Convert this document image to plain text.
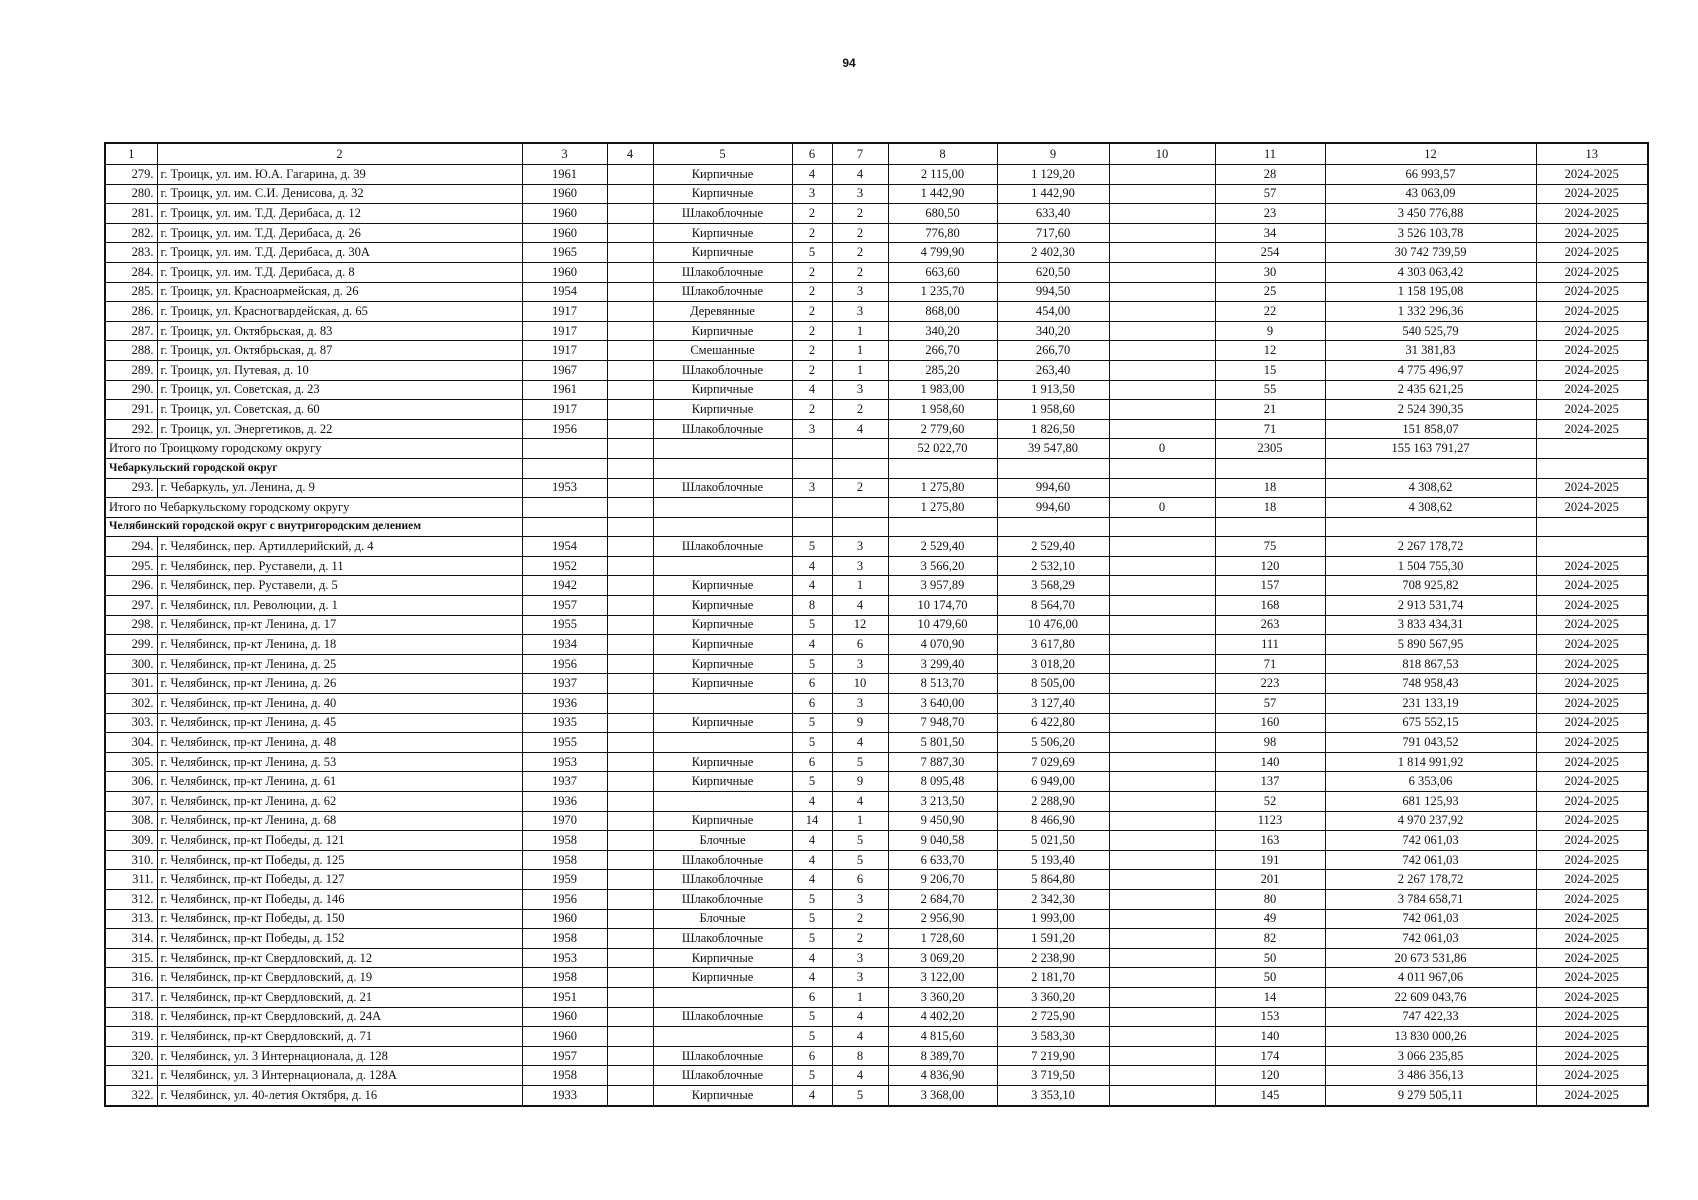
94
1	2	3	4	5	6	7	8	9	10	11	12	13
279.	г. Троицк, ул. им. Ю.А. Гагарина, д. 39	1961		Кирпичные	4	4	2 115,00	1 129,20		28	66 993,57	2024-2025
280.	г. Троицк, ул. им. С.И. Денисова, д. 32	1960		Кирпичные	3	3	1 442,90	1 442,90		57	43 063,09	2024-2025
281.	г. Троицк, ул. им. Т.Д. Дерибаса, д. 12	1960		Шлакоблочные	2	2	680,50	633,40		23	3 450 776,88	2024-2025
282.	г. Троицк, ул. им. Т.Д. Дерибаса, д. 26	1960		Кирпичные	2	2	776,80	717,60		34	3 526 103,78	2024-2025
283.	г. Троицк, ул. им. Т.Д. Дерибаса, д. 30А	1965		Кирпичные	5	2	4 799,90	2 402,30		254	30 742 739,59	2024-2025
284.	г. Троицк, ул. им. Т.Д. Дерибаса, д. 8	1960		Шлакоблочные	2	2	663,60	620,50		30	4 303 063,42	2024-2025
285.	г. Троицк, ул. Красноармейская, д. 26	1954		Шлакоблочные	2	3	1 235,70	994,50		25	1 158 195,08	2024-2025
286.	г. Троицк, ул. Красногвардейская, д. 65	1917		Деревянные	2	3	868,00	454,00		22	1 332 296,36	2024-2025
287.	г. Троицк, ул. Октябрьская, д. 83	1917		Кирпичные	2	1	340,20	340,20		9	540 525,79	2024-2025
288.	г. Троицк, ул. Октябрьская, д. 87	1917		Смешанные	2	1	266,70	266,70		12	31 381,83	2024-2025
289.	г. Троицк, ул. Путевая, д. 10	1967		Шлакоблочные	2	1	285,20	263,40		15	4 775 496,97	2024-2025
290.	г. Троицк, ул. Советская, д. 23	1961		Кирпичные	4	3	1 983,00	1 913,50		55	2 435 621,25	2024-2025
291.	г. Троицк, ул. Советская, д. 60	1917		Кирпичные	2	2	1 958,60	1 958,60		21	2 524 390,35	2024-2025
292.	г. Троицк, ул. Энергетиков, д. 22	1956		Шлакоблочные	3	4	2 779,60	1 826,50		71	151 858,07	2024-2025
Итого по Троицкому городскому округу							52 022,70	39 547,80	0	2305	155 163 791,27	
Чебаркульский городской округ												
293.	г. Чебаркуль, ул. Ленина, д. 9	1953		Шлакоблочные	3	2	1 275,80	994,60		18	4 308,62	2024-2025
Итого по Чебаркульскому городскому округу							1 275,80	994,60	0	18	4 308,62	2024-2025
Челябинский городской округ с внутригородским делением												
294.	г. Челябинск, пер. Артиллерийский, д. 4	1954		Шлакоблочные	5	3	2 529,40	2 529,40		75	2 267 178,72	
295.	г. Челябинск, пер. Руставели, д. 11	1952			4	3	3 566,20	2 532,10		120	1 504 755,30	2024-2025
296.	г. Челябинск, пер. Руставели, д. 5	1942		Кирпичные	4	1	3 957,89	3 568,29		157	708 925,82	2024-2025
297.	г. Челябинск, пл. Революции, д. 1	1957		Кирпичные	8	4	10 174,70	8 564,70		168	2 913 531,74	2024-2025
298.	г. Челябинск, пр-кт Ленина, д. 17	1955		Кирпичные	5	12	10 479,60	10 476,00		263	3 833 434,31	2024-2025
299.	г. Челябинск, пр-кт Ленина, д. 18	1934		Кирпичные	4	6	4 070,90	3 617,80		111	5 890 567,95	2024-2025
300.	г. Челябинск, пр-кт Ленина, д. 25	1956		Кирпичные	5	3	3 299,40	3 018,20		71	818 867,53	2024-2025
301.	г. Челябинск, пр-кт Ленина, д. 26	1937		Кирпичные	6	10	8 513,70	8 505,00		223	748 958,43	2024-2025
302.	г. Челябинск, пр-кт Ленина, д. 40	1936			6	3	3 640,00	3 127,40		57	231 133,19	2024-2025
303.	г. Челябинск, пр-кт Ленина, д. 45	1935		Кирпичные	5	9	7 948,70	6 422,80		160	675 552,15	2024-2025
304.	г. Челябинск, пр-кт Ленина, д. 48	1955			5	4	5 801,50	5 506,20		98	791 043,52	2024-2025
305.	г. Челябинск, пр-кт Ленина, д. 53	1953		Кирпичные	6	5	7 887,30	7 029,69		140	1 814 991,92	2024-2025
306.	г. Челябинск, пр-кт Ленина, д. 61	1937		Кирпичные	5	9	8 095,48	6 949,00		137	6 353,06	2024-2025
307.	г. Челябинск, пр-кт Ленина, д. 62	1936			4	4	3 213,50	2 288,90		52	681 125,93	2024-2025
308.	г. Челябинск, пр-кт Ленина, д. 68	1970		Кирпичные	14	1	9 450,90	8 466,90		1123	4 970 237,92	2024-2025
309.	г. Челябинск, пр-кт Победы, д. 121	1958		Блочные	4	5	9 040,58	5 021,50		163	742 061,03	2024-2025
310.	г. Челябинск, пр-кт Победы, д. 125	1958		Шлакоблочные	4	5	6 633,70	5 193,40		191	742 061,03	2024-2025
311.	г. Челябинск, пр-кт Победы, д. 127	1959		Шлакоблочные	4	6	9 206,70	5 864,80		201	2 267 178,72	2024-2025
312.	г. Челябинск, пр-кт Победы, д. 146	1956		Шлакоблочные	5	3	2 684,70	2 342,30		80	3 784 658,71	2024-2025
313.	г. Челябинск, пр-кт Победы, д. 150	1960		Блочные	5	2	2 956,90	1 993,00		49	742 061,03	2024-2025
314.	г. Челябинск, пр-кт Победы, д. 152	1958		Шлакоблочные	5	2	1 728,60	1 591,20		82	742 061,03	2024-2025
315.	г. Челябинск, пр-кт Свердловский, д. 12	1953		Кирпичные	4	3	3 069,20	2 238,90		50	20 673 531,86	2024-2025
316.	г. Челябинск, пр-кт Свердловский, д. 19	1958		Кирпичные	4	3	3 122,00	2 181,70		50	4 011 967,06	2024-2025
317.	г. Челябинск, пр-кт Свердловский, д. 21	1951			6	1	3 360,20	3 360,20		14	22 609 043,76	2024-2025
318.	г. Челябинск, пр-кт Свердловский, д. 24А	1960		Шлакоблочные	5	4	4 402,20	2 725,90		153	747 422,33	2024-2025
319.	г. Челябинск, пр-кт Свердловский, д. 71	1960			5	4	4 815,60	3 583,30		140	13 830 000,26	2024-2025
320.	г. Челябинск, ул. 3 Интернационала, д. 128	1957		Шлакоблочные	6	8	8 389,70	7 219,90		174	3 066 235,85	2024-2025
321.	г. Челябинск, ул. 3 Интернационала, д. 128А	1958		Шлакоблочные	5	4	4 836,90	3 719,50		120	3 486 356,13	2024-2025
322.	г. Челябинск, ул. 40-летия Октября, д. 16	1933		Кирпичные	4	5	3 368,00	3 353,10		145	9 279 505,11	2024-2025
